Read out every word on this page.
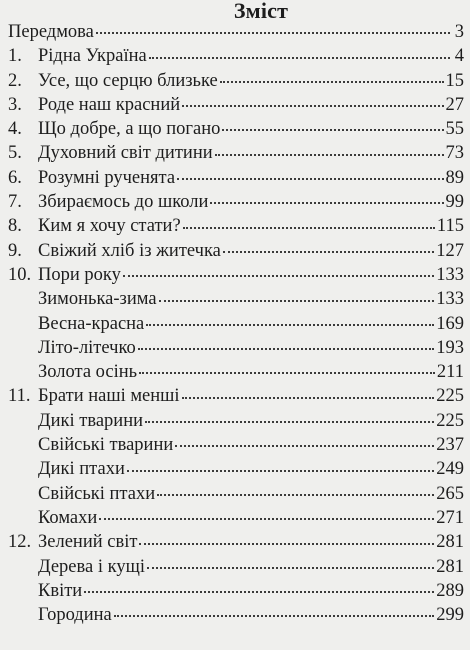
Зміст
Передмова	3
1. Рідна Україна	4
2. Усе, що серцю близьке	15
3. Роде наш красний	27
4. Що добре, а що погано	55
5. Духовний світ дитини	73
6. Розумні рученята	89
7. Збираємось до школи	99
8. Ким я хочу стати?	115
9. Свіжий хліб із житечка	127
10. Пори року	133
Зимонька-зима	133
Весна-красна	169
Літо-літечко	193
Золота осінь	211
11. Брати наші менші	225
Дикі тварини	225
Свійські тварини	237
Дикі птахи	249
Свійські птахи	265
Комахи	271
12. Зелений світ	281
Дерева і кущі	281
Квіти	289
Городина	299
